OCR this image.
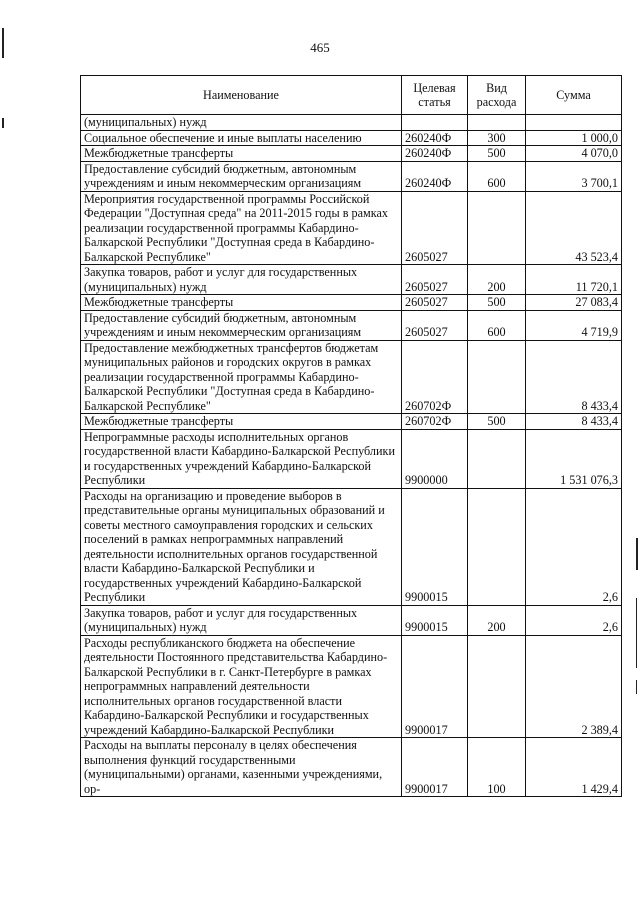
465
Наименование	Целевая статья	Вид расхода	Сумма
(муниципальных) нужд			
Социальное обеспечение и иные выплаты населению	260240Ф	300	1 000,0
Межбюджетные трансферты	260240Ф	500	4 070,0
Предоставление субсидий бюджетным, автономным учреждениям и иным некоммерческим организациям	260240Ф	600	3 700,1
Мероприятия государственной программы Российской Федерации "Доступная среда" на 2011-2015 годы в рамках реализации государственной программы Кабардино-Балкарской Республики "Доступная среда в Кабардино-Балкарской Республике"	2605027		43 523,4
Закупка товаров, работ и услуг для государственных (муниципальных) нужд	2605027	200	11 720,1
Межбюджетные трансферты	2605027	500	27 083,4
Предоставление субсидий бюджетным, автономным учреждениям и иным некоммерческим организациям	2605027	600	4 719,9
Предоставление межбюджетных трансфертов бюджетам муниципальных районов и городских округов в рамках реализации государственной программы Кабардино-Балкарской Республики "Доступная среда в Кабардино-Балкарской Республике"	260702Ф		8 433,4
Межбюджетные трансферты	260702Ф	500	8 433,4
Непрограммные расходы исполнительных органов государственной власти Кабардино-Балкарской Республики и государственных учреждений Кабардино-Балкарской Республики	9900000		1 531 076,3
Расходы на организацию и проведение выборов в представительные органы муниципальных образований и советы местного самоуправления городских и сельских поселений в рамках непрограммных направлений деятельности исполнительных органов государственной власти Кабардино-Балкарской Республики и государственных учреждений Кабардино-Балкарской Республики	9900015		2,6
Закупка товаров, работ и услуг для государственных (муниципальных) нужд	9900015	200	2,6
Расходы республиканского бюджета на обеспечение деятельности Постоянного представительства Кабардино-Балкарской Республики в г. Санкт-Петербурге в рамках непрограммных направлений деятельности исполнительных органов государственной власти Кабардино-Балкарской Республики и государственных учреждений Кабардино-Балкарской Республики	9900017		2 389,4
Расходы на выплаты персоналу в целях обеспечения выполнения функций государственными (муниципальными) органами, казенными учреждениями, ор-	9900017	100	1 429,4
